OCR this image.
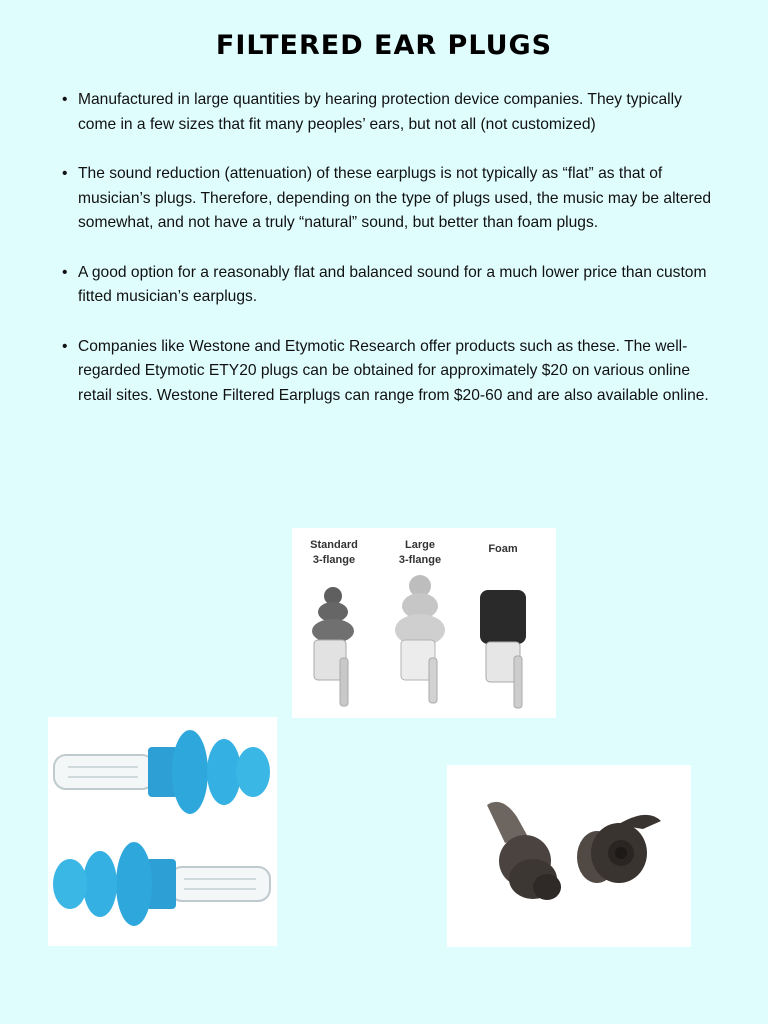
FILTERED EAR PLUGS
• Manufactured in large quantities by hearing protection device companies. They typically come in a few sizes that fit many peoples’ ears, but not all (not customized)
• The sound reduction (attenuation) of these earplugs is not typically as “flat” as that of musician’s plugs. Therefore, depending on the type of plugs used, the music may be altered somewhat, and not have a truly “natural” sound, but better than foam plugs.
• A good option for a reasonably flat and balanced sound for a much lower price than custom fitted musician’s earplugs.
• Companies like Westone and Etymotic Research offer products such as these. The well-regarded Etymotic ETY20 plugs can be obtained for approximately $20 on various online retail sites. Westone Filtered Earplugs can range from $20-60 and are also available online.
Standard
3-flange
Large
3-flange
Foam
